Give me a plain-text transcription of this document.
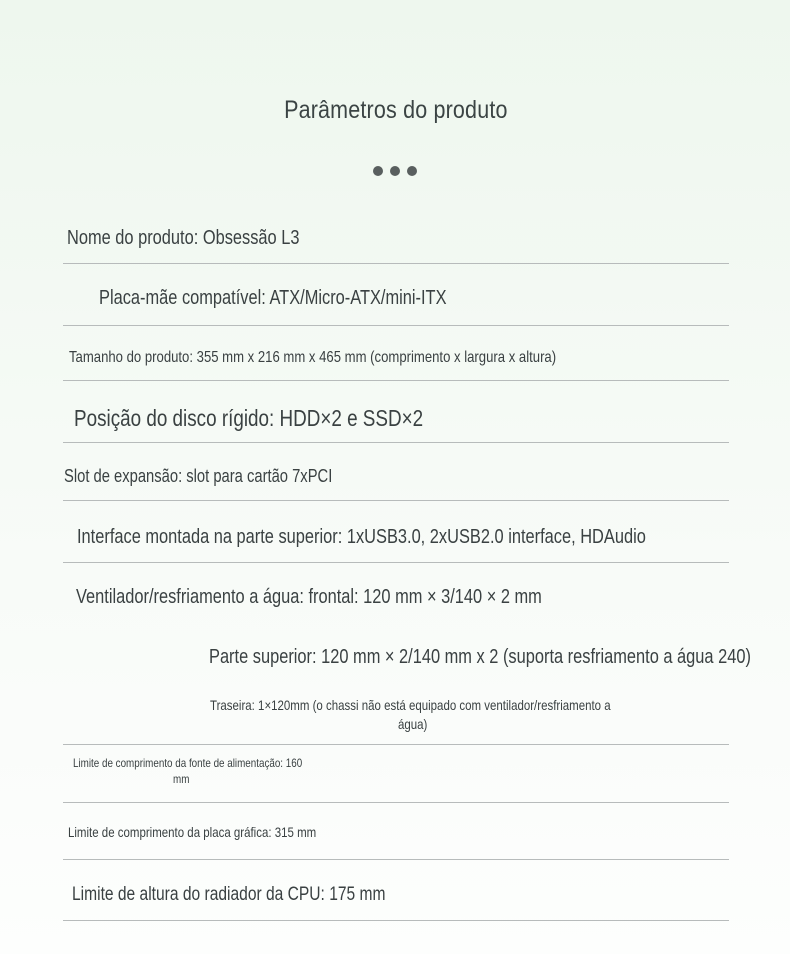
Parâmetros do produto
Nome do produto: Obsessão L3
Placa-mãe compatível: ATX/Micro-ATX/mini-ITX
Tamanho do produto: 355 mm x 216 mm x 465 mm (comprimento x largura x altura)
Posição do disco rígido: HDD×2 e SSD×2
Slot de expansão: slot para cartão 7xPCI
Interface montada na parte superior: 1xUSB3.0, 2xUSB2.0 interface, HDAudio
Ventilador/resfriamento a água: frontal: 120 mm × 3/140 × 2 mm
Parte superior: 120 mm × 2/140 mm x 2 (suporta resfriamento a água 240)
Traseira: 1×120mm (o chassi não está equipado com ventilador/resfriamento a
água)
Limite de comprimento da fonte de alimentação: 160
mm
Limite de comprimento da placa gráfica: 315 mm
Limite de altura do radiador da CPU: 175 mm
